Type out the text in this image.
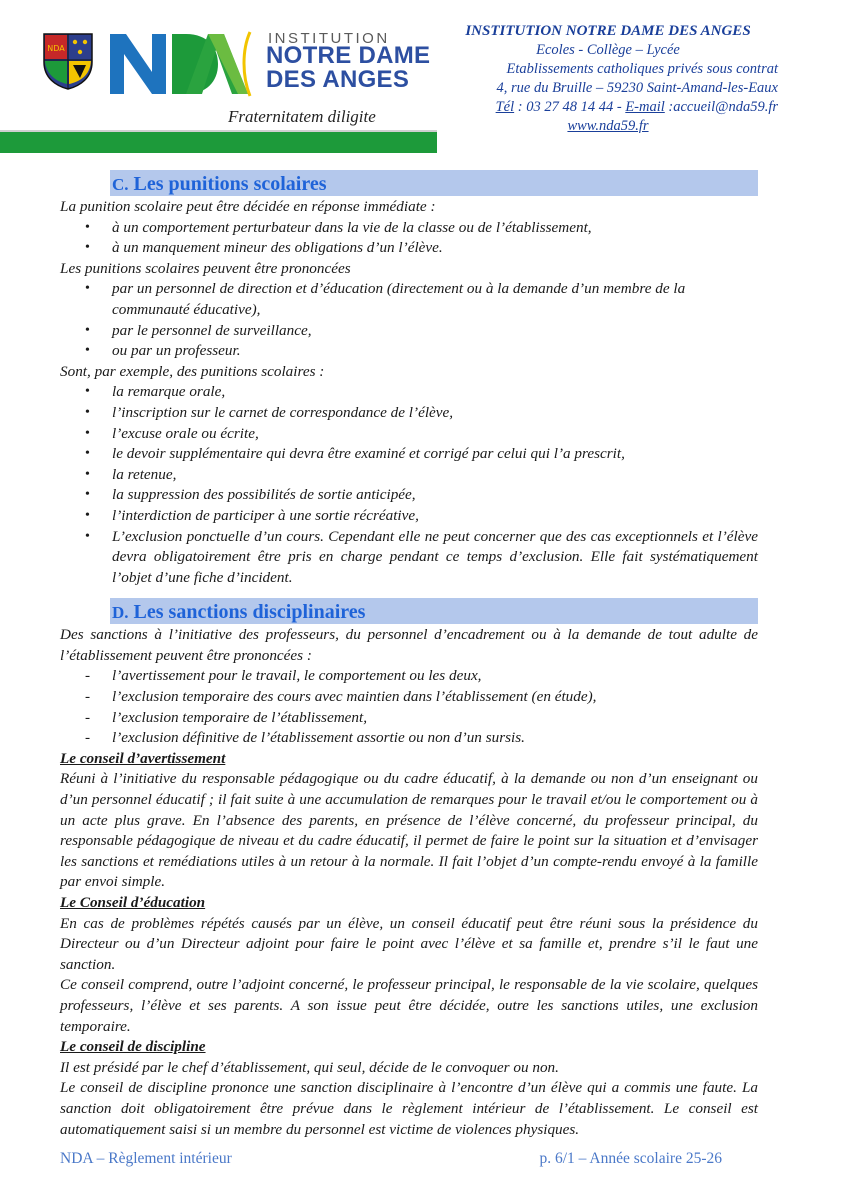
NDA
INSTITUTION
NOTRE DAME
DES ANGES
Fraternitatem diligite
INSTITUTION NOTRE DAME DES ANGES
Ecoles - Collège – Lycée
Etablissements catholiques privés sous contrat
4, rue du Bruille – 59230 Saint-Amand-les-Eaux
Tél : 03 27 48 14 44 - E-mail :accueil@nda59.fr
www.nda59.fr
C. Les punitions scolaires

La punition scolaire peut être décidée en réponse immédiate :

• à un comportement perturbateur dans la vie de la classe ou de l’établissement,
• à un manquement mineur des obligations d’un l’élève.

Les punitions scolaires peuvent être prononcées

• par un personnel de direction et d’éducation (directement ou à la demande d’un membre de la communauté éducative),
• par le personnel de surveillance,
• ou par un professeur.

Sont, par exemple, des punitions scolaires :

• la remarque orale,
• l’inscription sur le carnet de correspondance de l’élève,
• l’excuse orale ou écrite,
• le devoir supplémentaire qui devra être examiné et corrigé par celui qui l’a prescrit,
• la retenue,
• la suppression des possibilités de sortie anticipée,
• l’interdiction de participer à une sortie récréative,
• L’exclusion ponctuelle d’un cours. Cependant elle ne peut concerner que des cas exceptionnels et l’élève devra obligatoirement être pris en charge pendant ce temps d’exclusion. Elle fait systématiquement l’objet d’une fiche d’incident.
D. Les sanctions disciplinaires

Des sanctions à l’initiative des professeurs, du personnel d’encadrement ou à la demande de tout adulte de l’établissement peuvent être prononcées :

- l’avertissement pour le travail, le comportement ou les deux,
- l’exclusion temporaire des cours avec maintien dans l’établissement (en étude),
- l’exclusion temporaire de l’établissement,
- l’exclusion définitive de l’établissement assortie ou non d’un sursis.

Le conseil d’avertissement

Réuni à l’initiative du responsable pédagogique ou du cadre éducatif, à la demande ou non d’un enseignant ou d’un personnel éducatif ; il fait suite à une accumulation de remarques pour le travail et/ou le comportement ou à un acte plus grave. En l’absence des parents, en présence de l’élève concerné, du professeur principal, du responsable pédagogique de niveau et du cadre éducatif, il permet de faire le point sur la situation et d’envisager les sanctions et remédiations utiles à un retour à la normale. Il fait l’objet d’un compte-rendu envoyé à la famille par envoi simple.

Le Conseil d’éducation

En cas de problèmes répétés causés par un élève, un conseil éducatif peut être réuni sous la présidence du Directeur ou d’un Directeur adjoint pour faire le point avec l’élève et sa famille et, prendre s’il le faut une sanction.

Ce conseil comprend, outre l’adjoint concerné, le professeur principal, le responsable de la vie scolaire, quelques professeurs, l’élève et ses parents. A son issue peut être décidée, outre les sanctions utiles, une exclusion temporaire.

Le conseil de discipline

Il est présidé par le chef d’établissement, qui seul, décide de le convoquer ou non.

Le conseil de discipline prononce une sanction disciplinaire à l’encontre d’un élève qui a commis une faute. La sanction doit obligatoirement être prévue dans le règlement intérieur de l’établissement. Le conseil est automatiquement saisi si un membre du personnel est victime de violences physiques.

NDA – Règlement intérieur	p. 6/1 – Année scolaire 25-26
